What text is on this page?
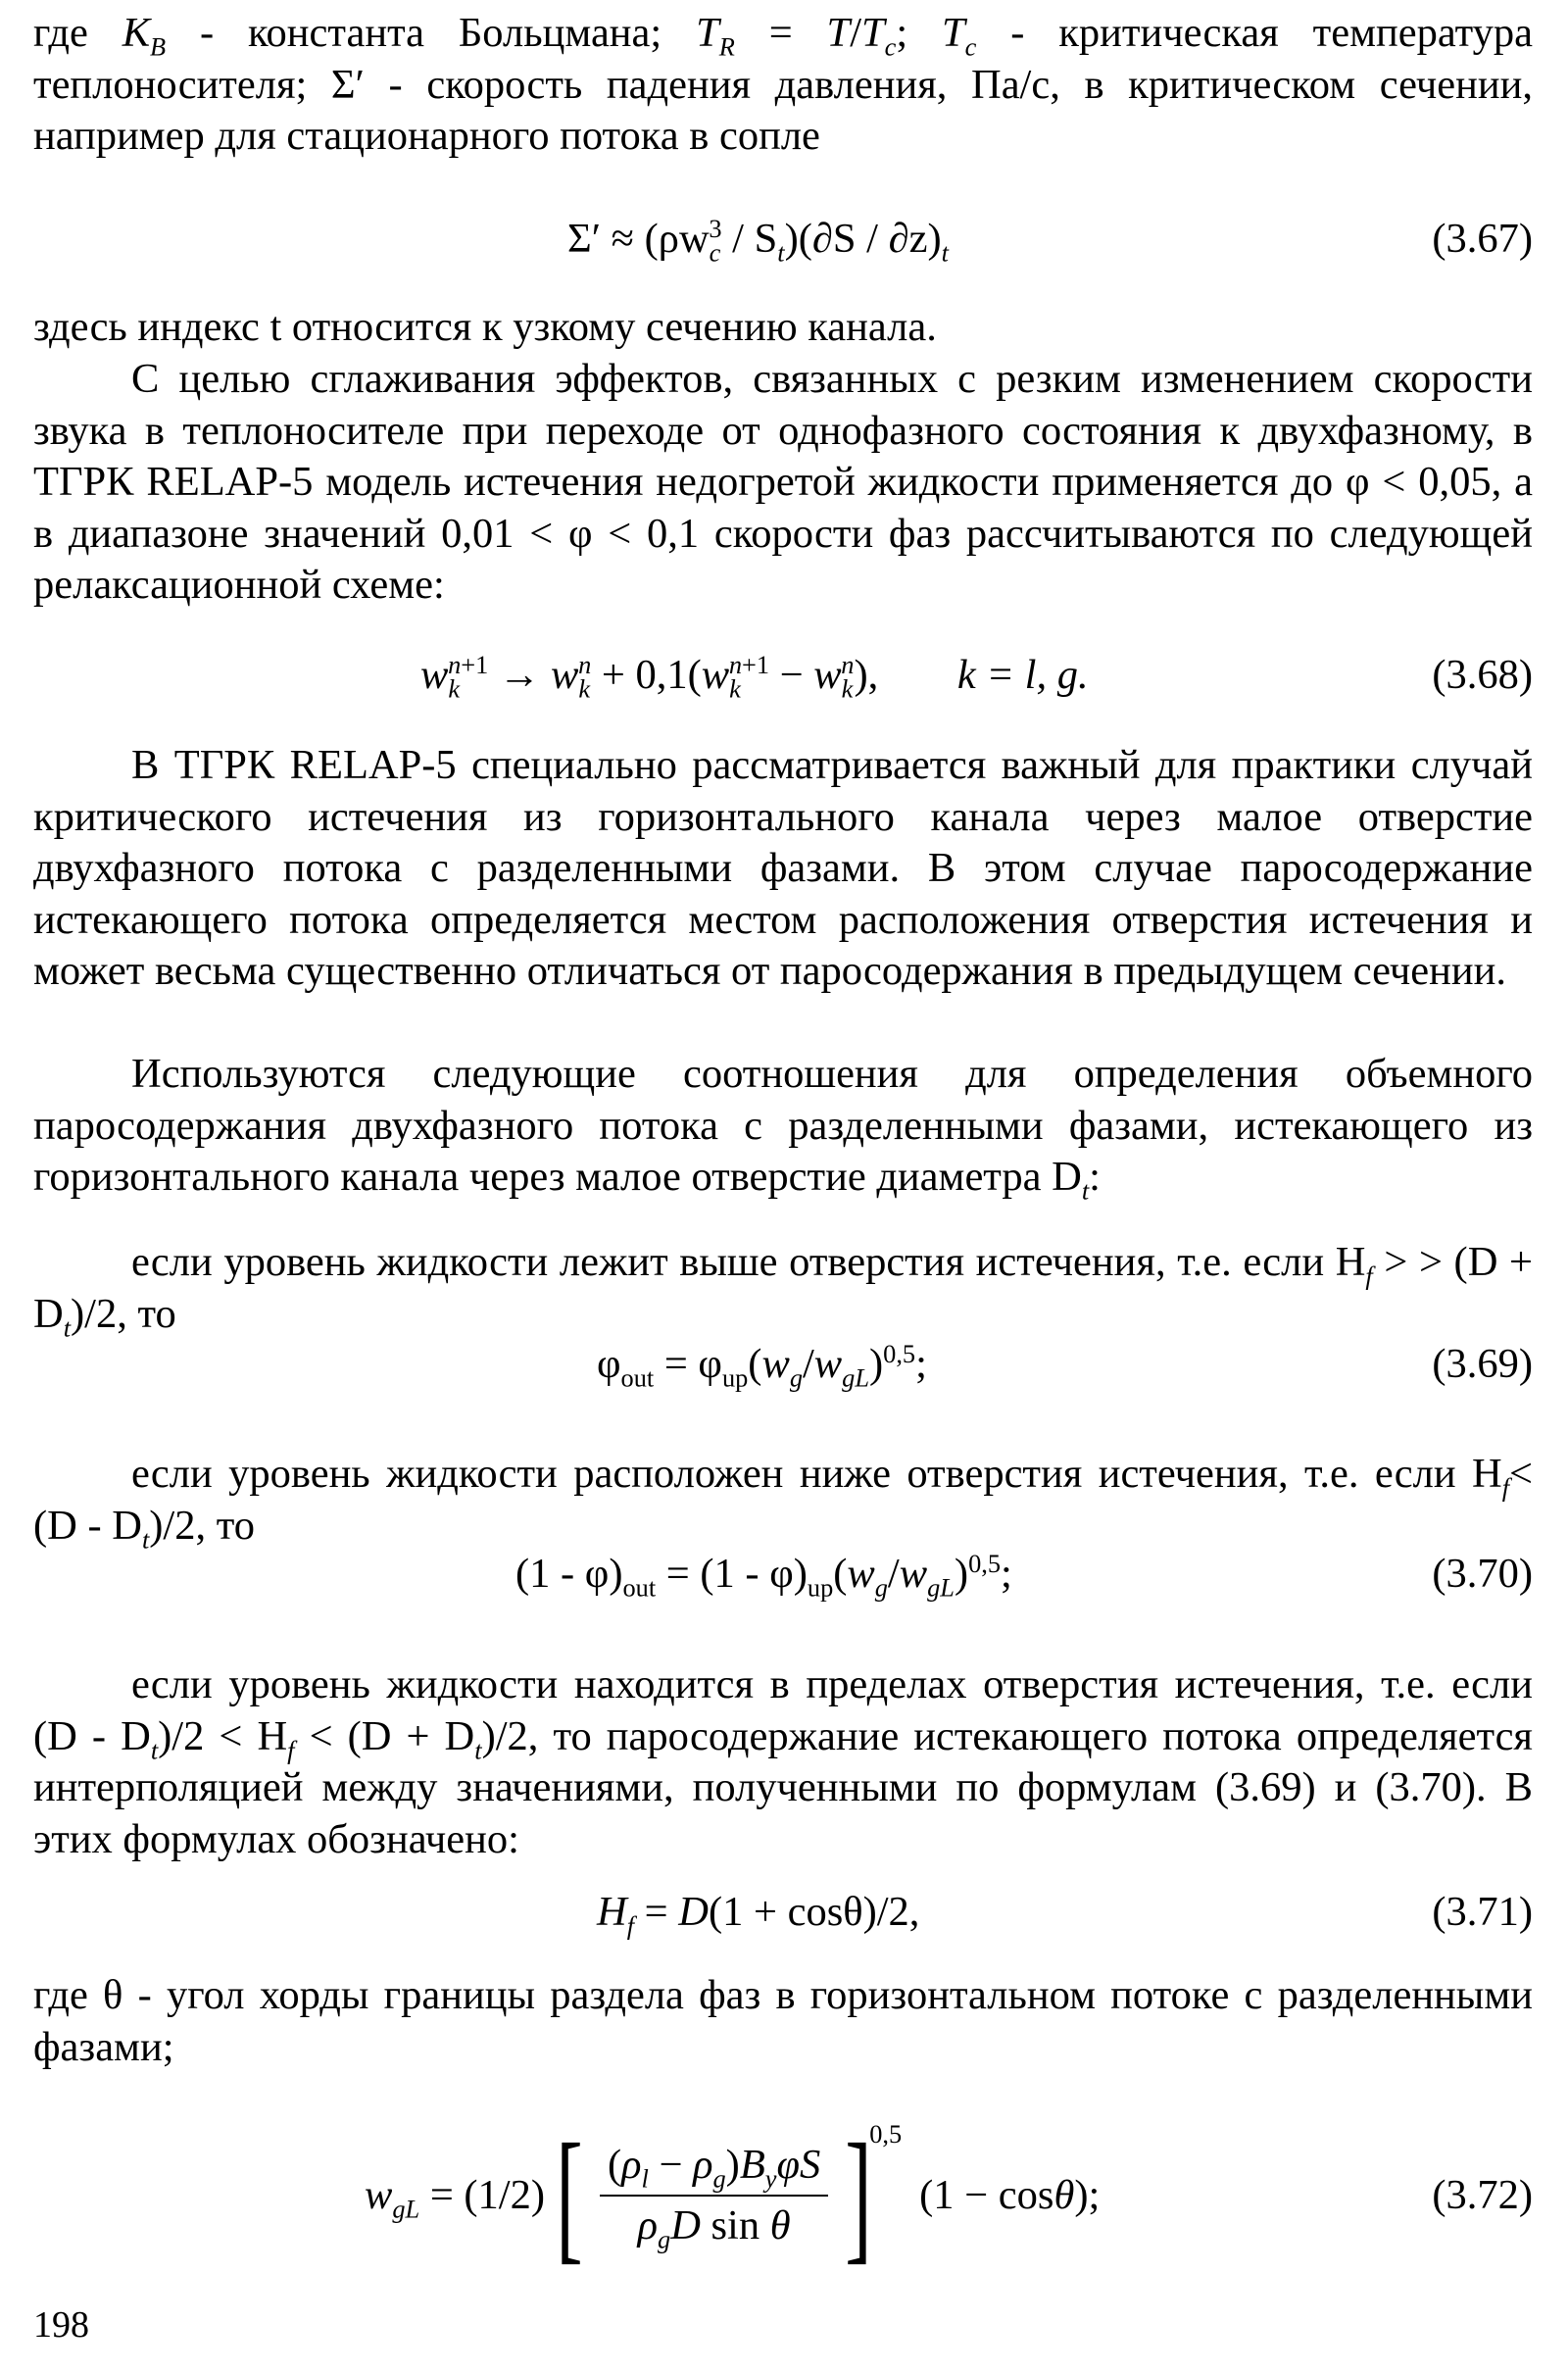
где $K_B$ - константа Больцмана; $T_R = T/T_c$; $T_c$ - критическая температура теплоносителя; Σ′ - скорость падения давления, Па/с, в критическом сечении, например для стационарного потока в сопле

$\Sigma' \approx (\rho w_c^3 / S_t)(\partial S / \partial z)_t$	(3.67)

здесь индекс t относится к узкому сечению канала.

С целью сглаживания эффектов, связанных с резким изменением скорости звука в теплоносителе при переходе от однофазного состояния к двухфазному, в ТГРК RELAP-5 модель истечения недогретой жидкости применяется до φ < 0,05, а в диапазоне значений 0,01 < φ < 0,1 скорости фаз рассчитываются по следующей релаксационной схеме:

$w_k^{n+1} \to w_k^n + 0,1(w_k^{n+1} - w_k^n)$, k = l, g.	(3.68)

В ТГРК RELAP-5 специально рассматривается важный для практики случай критического истечения из горизонтального канала через малое отверстие двухфазного потока с разделенными фазами. В этом случае паросодержание истекающего потока определяется местом расположения отверстия истечения и может весьма существенно отличаться от паросодержания в предыдущем сечении.

Используются следующие соотношения для определения объемного паросодержания двухфазного потока с разделенными фазами, истекающего из горизонтального канала через малое отверстие диаметра $D_t$:

если уровень жидкости лежит выше отверстия истечения, т.е. если $H_f$ > > $(D + D_t)/2$, то

$\varphi_{out} = \varphi_{up}(w_g/w_{gL})^{0,5}$;	(3.69)

если уровень жидкости расположен ниже отверстия истечения, т.е. если $H_f< (D - D_t)/2$, то

$(1 - \varphi)_{out} = (1 - \varphi)_{up}(w_g/w_{gL})^{0,5}$;	(3.70)

если уровень жидкости находится в пределах отверстия истечения, т.е. если $(D - D_t)/2 < H_f < (D + D_t)/2$, то паросодержание истекающего потока определяется интерполяцией между значениями, полученными по формулам (3.69) и (3.70). В этих формулах обозначено:

$H_f = D(1 + \cos\theta)/2$,	(3.71)

где θ - угол хорды границы раздела фаз в горизонтальном потоке с разделенными фазами;

$w_{gL} = (1/2)$ [ $\frac{(\rho_l - \rho_g)B_y\varphi S}{\rho_gD \sin \theta}$ ]
0,5
(1 − cosθ);	(3.72)
198
